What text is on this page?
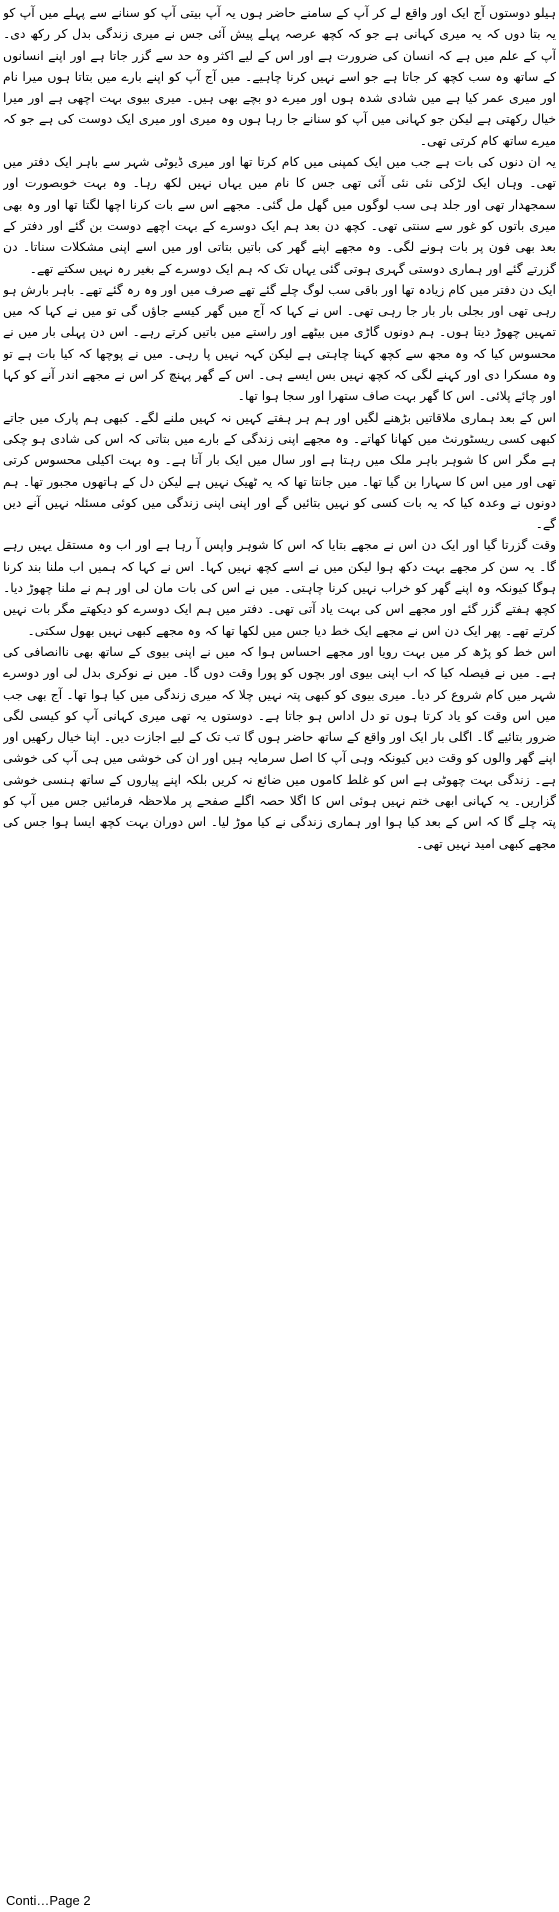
ہیلو دوستوں آج ایک اور واقع لے کر آپ کے سامنے حاضر ہوں یہ آپ بیتی آپ کو سنانے سے پہلے میں آپ کو یہ بتا دوں کہ یہ میری کہانی ہے جو کہ کچھ عرصہ پہلے پیش آئی جس نے میری زندگی بدل کر رکھ دی۔ آپ کے علم میں ہے کہ انسان کی ضرورت ہے اور اس کے لیے اکثر وہ حد سے گزر جاتا ہے اور اپنے انسانوں کے ساتھ وہ سب کچھ کر جاتا ہے جو اسے نہیں کرنا چاہیے۔ میں آج آپ کو اپنے بارے میں بتاتا ہوں میرا نام اور میری عمر کیا ہے میں شادی شدہ ہوں اور میرے دو بچے بھی ہیں۔ میری بیوی بہت اچھی ہے اور میرا خیال رکھتی ہے لیکن جو کہانی میں آپ کو سنانے جا رہا ہوں وہ میری اور میری ایک دوست کی ہے جو کہ میرے ساتھ کام کرتی تھی۔

یہ ان دنوں کی بات ہے جب میں ایک کمپنی میں کام کرتا تھا اور میری ڈیوٹی شہر سے باہر ایک دفتر میں تھی۔ وہاں ایک لڑکی نئی نئی آئی تھی جس کا نام میں یہاں نہیں لکھ رہا۔ وہ بہت خوبصورت اور سمجھدار تھی اور جلد ہی سب لوگوں میں گھل مل گئی۔ مجھے اس سے بات کرنا اچھا لگتا تھا اور وہ بھی میری باتوں کو غور سے سنتی تھی۔ کچھ دن بعد ہم ایک دوسرے کے بہت اچھے دوست بن گئے اور دفتر کے بعد بھی فون پر بات ہونے لگی۔ وہ مجھے اپنے گھر کی باتیں بتاتی اور میں اسے اپنی مشکلات سناتا۔ دن گزرتے گئے اور ہماری دوستی گہری ہوتی گئی یہاں تک کہ ہم ایک دوسرے کے بغیر رہ نہیں سکتے تھے۔

ایک دن دفتر میں کام زیادہ تھا اور باقی سب لوگ چلے گئے تھے صرف میں اور وہ رہ گئے تھے۔ باہر بارش ہو رہی تھی اور بجلی بار بار جا رہی تھی۔ اس نے کہا کہ آج میں گھر کیسے جاؤں گی تو میں نے کہا کہ میں تمہیں چھوڑ دیتا ہوں۔ ہم دونوں گاڑی میں بیٹھے اور راستے میں باتیں کرتے رہے۔ اس دن پہلی بار میں نے محسوس کیا کہ وہ مجھ سے کچھ کہنا چاہتی ہے لیکن کہہ نہیں پا رہی۔ میں نے پوچھا کہ کیا بات ہے تو وہ مسکرا دی اور کہنے لگی کہ کچھ نہیں بس ایسے ہی۔ اس کے گھر پہنچ کر اس نے مجھے اندر آنے کو کہا اور چائے پلائی۔ اس کا گھر بہت صاف ستھرا اور سجا ہوا تھا۔

اس کے بعد ہماری ملاقاتیں بڑھنے لگیں اور ہم ہر ہفتے کہیں نہ کہیں ملنے لگے۔ کبھی ہم پارک میں جاتے کبھی کسی ریسٹورنٹ میں کھانا کھاتے۔ وہ مجھے اپنی زندگی کے بارے میں بتاتی کہ اس کی شادی ہو چکی ہے مگر اس کا شوہر باہر ملک میں رہتا ہے اور سال میں ایک بار آتا ہے۔ وہ بہت اکیلی محسوس کرتی تھی اور میں اس کا سہارا بن گیا تھا۔ میں جانتا تھا کہ یہ ٹھیک نہیں ہے لیکن دل کے ہاتھوں مجبور تھا۔ ہم دونوں نے وعدہ کیا کہ یہ بات کسی کو نہیں بتائیں گے اور اپنی اپنی زندگی میں کوئی مسئلہ نہیں آنے دیں گے۔

وقت گزرتا گیا اور ایک دن اس نے مجھے بتایا کہ اس کا شوہر واپس آ رہا ہے اور اب وہ مستقل یہیں رہے گا۔ یہ سن کر مجھے بہت دکھ ہوا لیکن میں نے اسے کچھ نہیں کہا۔ اس نے کہا کہ ہمیں اب ملنا بند کرنا ہوگا کیونکہ وہ اپنے گھر کو خراب نہیں کرنا چاہتی۔ میں نے اس کی بات مان لی اور ہم نے ملنا چھوڑ دیا۔ کچھ ہفتے گزر گئے اور مجھے اس کی بہت یاد آتی تھی۔ دفتر میں ہم ایک دوسرے کو دیکھتے مگر بات نہیں کرتے تھے۔ پھر ایک دن اس نے مجھے ایک خط دیا جس میں لکھا تھا کہ وہ مجھے کبھی نہیں بھول سکتی۔

اس خط کو پڑھ کر میں بہت رویا اور مجھے احساس ہوا کہ میں نے اپنی بیوی کے ساتھ بھی ناانصافی کی ہے۔ میں نے فیصلہ کیا کہ اب اپنی بیوی اور بچوں کو پورا وقت دوں گا۔ میں نے نوکری بدل لی اور دوسرے شہر میں کام شروع کر دیا۔ میری بیوی کو کبھی پتہ نہیں چلا کہ میری زندگی میں کیا ہوا تھا۔ آج بھی جب میں اس وقت کو یاد کرتا ہوں تو دل اداس ہو جاتا ہے۔ دوستوں یہ تھی میری کہانی آپ کو کیسی لگی ضرور بتائیے گا۔ اگلی بار ایک اور واقع کے ساتھ حاضر ہوں گا تب تک کے لیے اجازت دیں۔ اپنا خیال رکھیں اور اپنے گھر والوں کو وقت دیں کیونکہ وہی آپ کا اصل سرمایہ ہیں اور ان کی خوشی میں ہی آپ کی خوشی ہے۔ زندگی بہت چھوٹی ہے اس کو غلط کاموں میں ضائع نہ کریں بلکہ اپنے پیاروں کے ساتھ ہنسی خوشی گزاریں۔ یہ کہانی ابھی ختم نہیں ہوئی اس کا اگلا حصہ اگلے صفحے پر ملاحظہ فرمائیں جس میں آپ کو پتہ چلے گا کہ اس کے بعد کیا ہوا اور ہماری زندگی نے کیا موڑ لیا۔ اس دوران بہت کچھ ایسا ہوا جس کی مجھے کبھی امید نہیں تھی۔

Conti…Page 2
